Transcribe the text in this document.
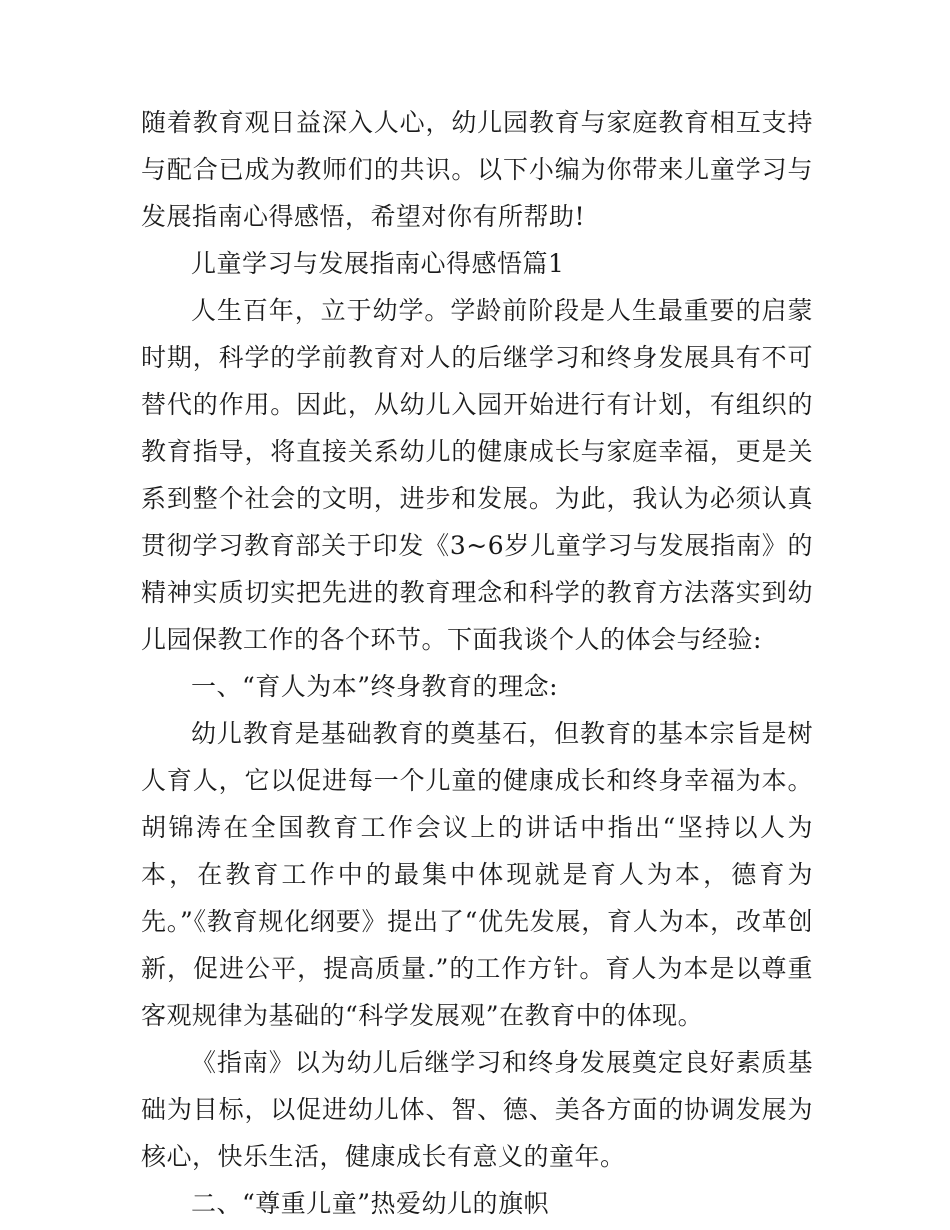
随着教育观日益深入人心，幼儿园教育与家庭教育相互支持与配合已成为教师们的共识。以下小编为你带来儿童学习与发展指南心得感悟，希望对你有所帮助!

儿童学习与发展指南心得感悟篇1

人生百年，立于幼学。学龄前阶段是人生最重要的启蒙时期，科学的学前教育对人的后继学习和终身发展具有不可替代的作用。因此，从幼儿入园开始进行有计划，有组织的教育指导，将直接关系幼儿的健康成长与家庭幸福，更是关系到整个社会的文明，进步和发展。为此，我认为必须认真贯彻学习教育部关于印发《3~6岁儿童学习与发展指南》的精神实质切实把先进的教育理念和科学的教育方法落实到幼儿园保教工作的各个环节。下面我谈个人的体会与经验:

一、“育人为本”终身教育的理念:

幼儿教育是基础教育的奠基石，但教育的基本宗旨是树人育人，它以促进每一个儿童的健康成长和终身幸福为本。胡锦涛在全国教育工作会议上的讲话中指出“坚持以人为本，在教育工作中的最集中体现就是育人为本，德育为先。”《教育规化纲要》提出了“优先发展，育人为本，改革创新，促进公平，提高质量.”的工作方针。育人为本是以尊重客观规律为基础的“科学发展观”在教育中的体现。

《指南》以为幼儿后继学习和终身发展奠定良好素质基础为目标，以促进幼儿体、智、德、美各方面的协调发展为核心，快乐生活，健康成长有意义的童年。

二、“尊重儿童”热爱幼儿的旗帜
